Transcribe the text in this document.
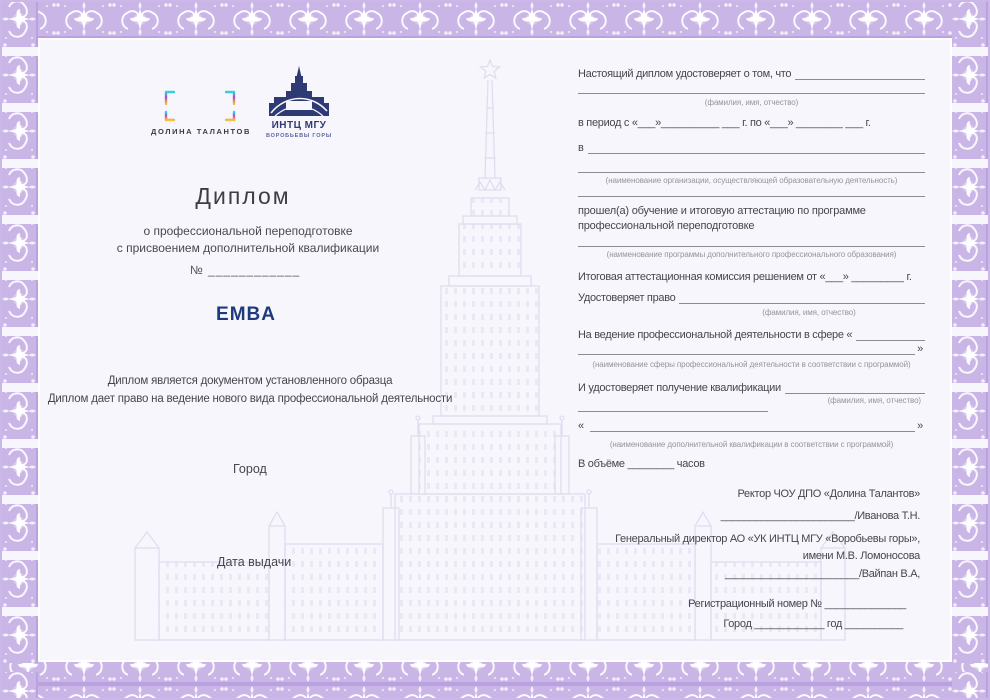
ДОЛИНА ТАЛАНТОВ
ИНТЦ МГУ
ВОРОБЬЕВЫ ГОРЫ
Диплом
о профессиональной переподготовке
с присвоением дополнительной квалификации
№ ____________
EMBA
Диплом является документом установленного образца
Диплом дает право на ведение нового вида профессиональной деятельности
Город
Дата выдачи
Настоящий диплом удостоверяет о том, что
(фамилия, имя, отчество)
в период с «___»__________ ___ г. по «___» ________ ___ г.
в
(наименование организации, осуществляющей образовательную деятельность)
прошел(а) обучение и итоговую аттестацию по программе профессиональной переподготовке
(наименование программы дополнительного профессионального образования)
Итоговая аттестационная комиссия решением от «___» _________ г.
Удостоверяет право
(фамилия, имя, отчество)
На ведение профессиональной деятельности в сфере «
»
(наименование сферы профессиональной деятельности в соответствии с программой)
И удостоверяет получение квалификации
(фамилия, имя, отчество)
«	»
(наименование дополнительной квалификации в соответствии с программой)
В объёме ________ часов
Ректор ЧОУ ДПО «Долина Талантов»
_______________________/Иванова Т.Н.
Генеральный директор АО «УК ИНТЦ МГУ «Воробьевы горы»,
имени М.В. Ломоносова
_______________________/Вайпан В.А,
Регистрационный номер № ______________
Город ____________ год __________
